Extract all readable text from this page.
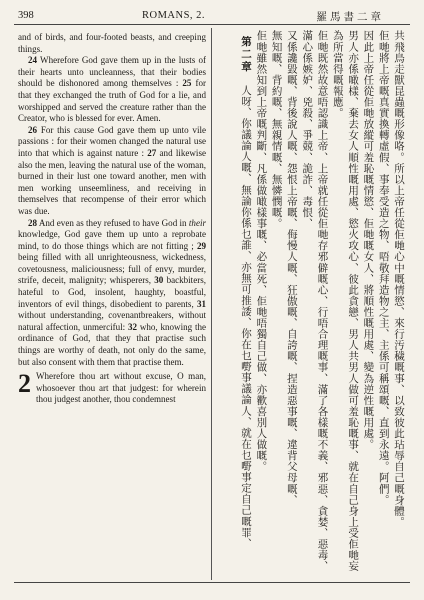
398	ROMANS, 2.	羅馬書二章

and of birds, and four-footed beasts, and creeping things.

24 Wherefore God gave them up in the lusts of their hearts unto uncleanness, that their bodies should be dishonored among themselves : 25 for that they exchanged the truth of God for a lie, and worshipped and served the creature rather than the Creator, who is blessed for ever. Amen.

26 For this cause God gave them up unto vile passions : for their women changed the natural use into that which is against nature : 27 and likewise also the men, leaving the natural use of the woman, burned in their lust one toward another, men with men working unseemliness, and receiving in themselves that recompense of their error which was due.

28 And even as they refused to have God in their knowledge, God gave them up unto a reprobate mind, to do those things which are not fitting ; 29 being filled with all unrighteousness, wickedness, covetousness, maliciousness; full of envy, murder, strife, deceit, malignity; whisperers, 30 backbiters, hateful to God, insolent, haughty, boastful, inventors of evil things, disobedient to parents, 31 without understanding, covenantbreakers, without natural affection, unmerciful: 32 who, knowing the ordinance of God, that they that practise such things are worthy of death, not only do the same, but also consent with them that practise them.

2 Wherefore thou art without excuse, O man, whosoever thou art that judgest: for wherein thou judgest another, thou condemnest	共飛鳥走獸昆蟲嘅形像咯。所以上帝任從佢哋心中嘅情慾、來行汚穢嘅事、以致彼此玷辱自己嘅身體。

佢哋將上帝嘅真實換轉虛假、事奉受造之物、唔敬拜造物之主、主係可稱頌嘅、直到永遠。阿們。

因此上帝任從佢哋放縱可羞恥嘅情慾、佢哋嘅女人、將順性嘅用處、變為逆性嘅用處。

男人亦係噉樣、棄去女人順性嘅用處、慾火攻心、彼此貪戀、男人共男人做可羞恥嘅事、就在自己身上受佢哋妄為所當得嘅報應。

佢哋既然故意唔認識上帝、上帝就任從佢哋存邪僻嘅心、行唔合理嘅事、滿了各樣嘅不義、邪惡、貪婪、惡毒、滿心係嫉妒、兇殺、爭競、詭詐、毒恨、

又係讒毀嘅、背後說人嘅、怨恨上帝嘅、侮慢人嘅、狂傲嘅、自誇嘅、捏造惡事嘅、違背父母嘅、

無知嘅、背約嘅、無親情嘅、無憐憫嘅。

佢哋雖然知到上帝嘅判斷、凡係做噉樣事嘅、必當死、佢哋唔獨自己做、亦歡喜別人做嘅。

第二章　人呀、你議論人嘅、無論你係乜誰、亦無可推諉、你在乜嘢事議論人、就在乜嘢事定自己嘅罪、
